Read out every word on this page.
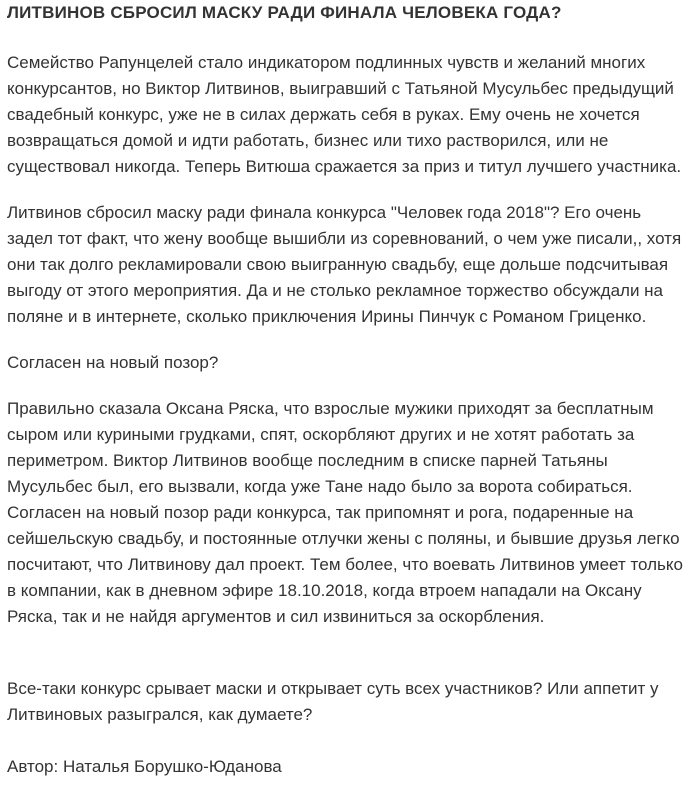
ЛИТВИНОВ СБРОСИЛ МАСКУ РАДИ ФИНАЛА ЧЕЛОВЕКА ГОДА?

Семейство Рапунцелей стало индикатором подлинных чувств и желаний многих конкурсантов, но Виктор Литвинов, выигравший с Татьяной Мусульбес предыдущий свадебный конкурс, уже не в силах держать себя в руках. Ему очень не хочется возвращаться домой и идти работать, бизнес или тихо растворился, или не существовал никогда. Теперь Витюша сражается за приз и титул лучшего участника.

Литвинов сбросил маску ради финала конкурса "Человек года 2018"? Его очень задел тот факт, что жену вообще вышибли из соревнований, о чем уже писали,, хотя они так долго рекламировали свою выигранную свадьбу, еще дольше подсчитывая выгоду от этого мероприятия. Да и не столько рекламное торжество обсуждали на поляне и в интернете, сколько приключения Ирины Пинчук с Романом Гриценко.

Согласен на новый позор?

Правильно сказала Оксана Ряска, что взрослые мужики приходят за бесплатным сыром или куриными грудками, спят, оскорбляют других и не хотят работать за периметром. Виктор Литвинов вообще последним в списке парней Татьяны Мусульбес был, его вызвали, когда уже Тане надо было за ворота собираться. Согласен на новый позор ради конкурса, так припомнят и рога, подаренные на сейшельскую свадьбу, и постоянные отлучки жены с поляны, и бывшие друзья легко посчитают, что Литвинову дал проект. Тем более, что воевать Литвинов умеет только в компании, как в дневном эфире 18.10.2018, когда втроем нападали на Оксану Ряска, так и не найдя аргументов и сил извиниться за оскорбления.

Все-таки конкурс срывает маски и открывает суть всех участников? Или аппетит у Литвиновых разыгрался, как думаете?

Автор: Наталья Борушко-Юданова
